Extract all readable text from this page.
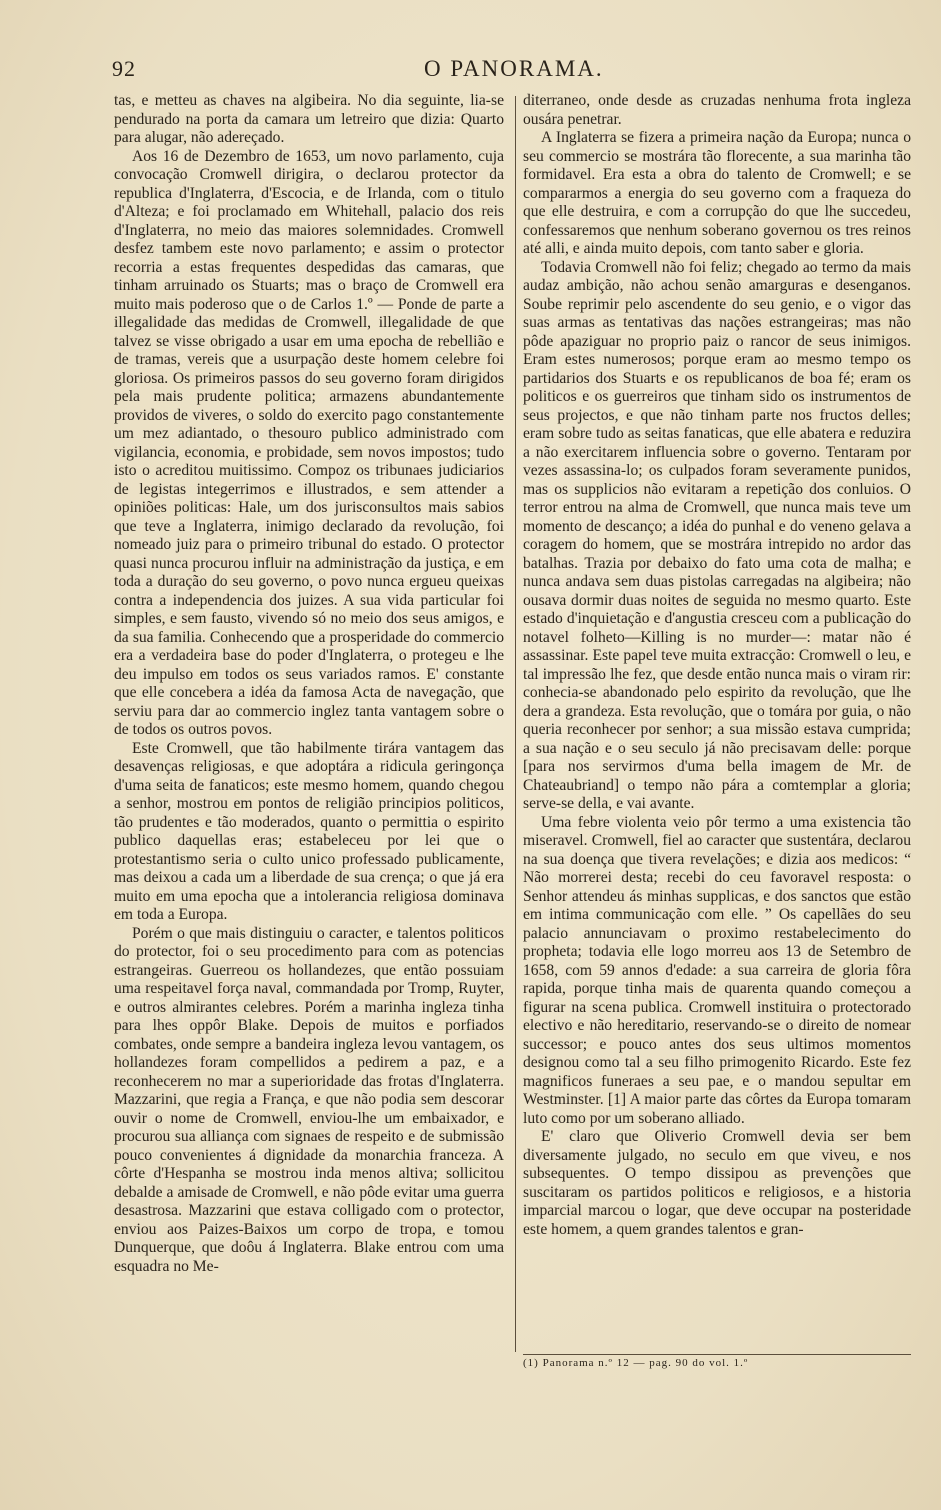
92	O PANORAMA.

tas, e metteu as chaves na algibeira. No dia seguinte, lia-se pendurado na porta da camara um letreiro que dizia: Quarto para alugar, não adereçado.

Aos 16 de Dezembro de 1653, um novo parlamento, cuja convocação Cromwell dirigira, o declarou protector da republica d'Inglaterra, d'Escocia, e de Irlanda, com o titulo d'Alteza; e foi proclamado em Whitehall, palacio dos reis d'Inglaterra, no meio das maiores solemnidades. Cromwell desfez tambem este novo parlamento; e assim o protector recorria a estas frequentes despedidas das camaras, que tinham arruinado os Stuarts; mas o braço de Cromwell era muito mais poderoso que o de Carlos 1.º — Ponde de parte a illegalidade das medidas de Cromwell, illegalidade de que talvez se visse obrigado a usar em uma epocha de rebellião e de tramas, vereis que a usurpação deste homem celebre foi gloriosa. Os primeiros passos do seu governo foram dirigidos pela mais prudente politica; armazens abundantemente providos de viveres, o soldo do exercito pago constantemente um mez adiantado, o thesouro publico administrado com vigilancia, economia, e probidade, sem novos impostos; tudo isto o acreditou muitissimo. Compoz os tribunaes judiciarios de legistas integerrimos e illustrados, e sem attender a opiniões politicas: Hale, um dos jurisconsultos mais sabios que teve a Inglaterra, inimigo declarado da revolução, foi nomeado juiz para o primeiro tribunal do estado. O protector quasi nunca procurou influir na administração da justiça, e em toda a duração do seu governo, o povo nunca ergueu queixas contra a independencia dos juizes. A sua vida particular foi simples, e sem fausto, vivendo só no meio dos seus amigos, e da sua familia. Conhecendo que a prosperidade do commercio era a verdadeira base do poder d'Inglaterra, o protegeu e lhe deu impulso em todos os seus variados ramos. E' constante que elle concebera a idéa da famosa Acta de navegação, que serviu para dar ao commercio inglez tanta vantagem sobre o de todos os outros povos.

Este Cromwell, que tão habilmente tirára vantagem das desavenças religiosas, e que adoptára a ridicula geringonça d'uma seita de fanaticos; este mesmo homem, quando chegou a senhor, mostrou em pontos de religião principios politicos, tão prudentes e tão moderados, quanto o permittia o espirito publico daquellas eras; estabeleceu por lei que o protestantismo seria o culto unico professado publicamente, mas deixou a cada um a liberdade de sua crença; o que já era muito em uma epocha que a intolerancia religiosa dominava em toda a Europa.

Porém o que mais distinguiu o caracter, e talentos politicos do protector, foi o seu procedimento para com as potencias estrangeiras. Guerreou os hollandezes, que então possuiam uma respeitavel força naval, commandada por Tromp, Ruyter, e outros almirantes celebres. Porém a marinha ingleza tinha para lhes oppôr Blake. Depois de muitos e porfiados combates, onde sempre a bandeira ingleza levou vantagem, os hollandezes foram compellidos a pedirem a paz, e a reconhecerem no mar a superioridade das frotas d'Inglaterra. Mazzarini, que regia a França, e que não podia sem descorar ouvir o nome de Cromwell, enviou-lhe um embaixador, e procurou sua alliança com signaes de respeito e de submissão pouco convenientes á dignidade da monarchia franceza. A côrte d'Hespanha se mostrou inda menos altiva; sollicitou debalde a amisade de Cromwell, e não pôde evitar uma guerra desastrosa. Mazzarini que estava colligado com o protector, enviou aos Paizes-Baixos um corpo de tropa, e tomou Dunquerque, que doôu á Inglaterra. Blake entrou com uma esquadra no Me-

diterraneo, onde desde as cruzadas nenhuma frota ingleza ousára penetrar.

A Inglaterra se fizera a primeira nação da Europa; nunca o seu commercio se mostrára tão florecente, a sua marinha tão formidavel. Era esta a obra do talento de Cromwell; e se compararmos a energia do seu governo com a fraqueza do que elle destruira, e com a corrupção do que lhe succedeu, confessaremos que nenhum soberano governou os tres reinos até alli, e ainda muito depois, com tanto saber e gloria.

Todavia Cromwell não foi feliz; chegado ao termo da mais audaz ambição, não achou senão amarguras e desenganos. Soube reprimir pelo ascendente do seu genio, e o vigor das suas armas as tentativas das nações estrangeiras; mas não pôde apaziguar no proprio paiz o rancor de seus inimigos. Eram estes numerosos; porque eram ao mesmo tempo os partidarios dos Stuarts e os republicanos de boa fé; eram os politicos e os guerreiros que tinham sido os instrumentos de seus projectos, e que não tinham parte nos fructos delles; eram sobre tudo as seitas fanaticas, que elle abatera e reduzira a não exercitarem influencia sobre o governo. Tentaram por vezes assassina-lo; os culpados foram severamente punidos, mas os supplicios não evitaram a repetição dos conluios. O terror entrou na alma de Cromwell, que nunca mais teve um momento de descanço; a idéa do punhal e do veneno gelava a coragem do homem, que se mostrára intrepido no ardor das batalhas. Trazia por debaixo do fato uma cota de malha; e nunca andava sem duas pistolas carregadas na algibeira; não ousava dormir duas noites de seguida no mesmo quarto. Este estado d'inquietação e d'angustia cresceu com a publicação do notavel folheto—Killing is no murder—: matar não é assassinar. Este papel teve muita extracção: Cromwell o leu, e tal impressão lhe fez, que desde então nunca mais o viram rir: conhecia-se abandonado pelo espirito da revolução, que lhe dera a grandeza. Esta revolução, que o tomára por guia, o não queria reconhecer por senhor; a sua missão estava cumprida; a sua nação e o seu seculo já não precisavam delle: porque [para nos servirmos d'uma bella imagem de Mr. de Chateaubriand] o tempo não pára a comtemplar a gloria; serve-se della, e vai avante.

Uma febre violenta veio pôr termo a uma existencia tão miseravel. Cromwell, fiel ao caracter que sustentára, declarou na sua doença que tivera revelações; e dizia aos medicos: “ Não morrerei desta; recebi do ceu favoravel resposta: o Senhor attendeu ás minhas supplicas, e dos sanctos que estão em intima communicação com elle. ” Os capellães do seu palacio annunciavam o proximo restabelecimento do propheta; todavia elle logo morreu aos 13 de Setembro de 1658, com 59 annos d'edade: a sua carreira de gloria fôra rapida, porque tinha mais de quarenta quando começou a figurar na scena publica. Cromwell instituira o protectorado electivo e não hereditario, reservando-se o direito de nomear successor; e pouco antes dos seus ultimos momentos designou como tal a seu filho primogenito Ricardo. Este fez magnificos funeraes a seu pae, e o mandou sepultar em Westminster. [1] A maior parte das côrtes da Europa tomaram luto como por um soberano alliado.

E' claro que Oliverio Cromwell devia ser bem diversamente julgado, no seculo em que viveu, e nos subsequentes. O tempo dissipou as prevenções que suscitaram os partidos politicos e religiosos, e a historia imparcial marcou o logar, que deve occupar na posteridade este homem, a quem grandes talentos e gran-

(1) Panorama n.º 12 — pag. 90 do vol. 1.º
